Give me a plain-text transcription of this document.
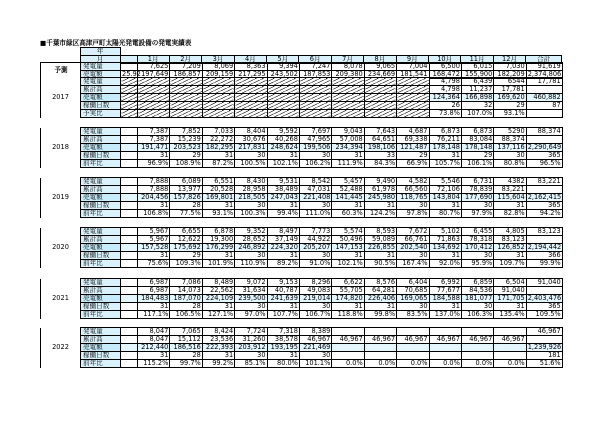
■千葉市緑区高津戸町太陽光発電設備の発電実績表
	年														
	月		1月	2月	3月	4月	5月	6月	7月	8月	9月	10月	11月	12月	合計
予測	発電量		7,625	7,209	8,069	8,363	9,394	7,247	8,078	9,065	7,004	6,500	6,015	7,030	91,619
	売電額	25.92	197,649	186,857	209,159	217,295	243,502	187,853	209,380	234,669	181,541	168,472	155,900	182,209	2,374,806
2017	発電量											4,798	6,439	6544	17,781
	累計高											4,798	11,237	17,781	
	売電額											124,364	166,898	169,620	460,882
	稼働日数											26	32	29	87
	予実比											73.8%	107.0%	93.1%	
2018	発電量		7,387	7,852	7,033	8,404	9,592	7,697	9,043	7,643	4,687	6,873	6,873	5290	88,374
	累計高		7,387	15,239	22,272	30,676	40,268	47,965	57,008	64,651	69,338	76,211	83,084	88,374	
	売電額		191,471	203,523	182,295	217,831	248,624	199,506	234,394	198,106	121,487	178,148	178,148	137,116	2,290,649
	稼働日数		31	29	31	30	31	30	31	33	29	31	29	30	365
	前年比		96.9%	108.9%	87.2%	100.5%	102.1%	106.2%	111.9%	84.3%	66.9%	105.7%	106.1%	80.8%	96.5%
2019	発電量		7,888	6,089	6,551	8,430	9,531	8,542	5,457	9,490	4,582	5,546	6,731	4382	83,221
	累計高		7,888	13,977	20,528	28,958	38,489	47,031	52,488	61,978	66,560	72,106	78,839	83,221	
	売電額		204,456	157,826	169,801	218,505	247,043	221,408	141,445	245,980	118,765	143,804	177,690	115,604	2,162,415
	稼働日数		31	28	31	30	31	30	31	31	30	31	30	31	365
	前年比		106.8%	77.5%	93.1%	100.3%	99.4%	111.0%	60.3%	124.2%	97.8%	80.7%	97.9%	82.8%	94.2%
2020	発電量		5,967	6,655	6,878	9,352	8,497	7,773	5,574	8,593	7,672	5,102	6,455	4,805	83,123
	累計高		5,967	12,622	19,300	28,652	37,149	44,922	50,496	59,089	66,761	71,863	78,318	83,123	
	売電額		157,528	175,692	176,299	246,892	224,320	205,207	147,153	226,855	202,540	134,692	170,412	126,852	2,194,442
	稼働日数		31	29	31	30	31	30	31	31	30	31	30	31	366
	前年比		75.6%	109.3%	101.9%	110.9%	89.2%	91.0%	102.1%	90.5%	167.4%	92.0%	95.9%	109.7%	99.9%
2021	発電量		6,987	7,086	8,489	9,072	9,153	8,296	6,622	8,576	6,404	6,992	6,859	6,504	91,040
	累計高		6,987	14,073	22,562	31,634	40,787	49,083	55,705	64,281	70,685	77,677	84,536	91,040	
	売電額		184,483	187,070	224,109	239,500	241,639	219,014	174,820	226,406	169,065	184,588	181,077	171,705	2,403,476
	稼働日数		31	28	31	30	31	30	31	31	30	31	30	31	365
	前年比		117.1%	106.5%	127.1%	97.0%	107.7%	106.7%	118.8%	99.8%	83.5%	137.0%	106.3%	135.4%	109.5%
2022	発電量		8,047	7,065	8,424	7,724	7,318	8,389							46,967
	累計高		8,047	15,112	23,536	31,260	38,578	46,967	46,967	46,967	46,967	46,967	46,967	46,967	
	売電額		212,440	186,516	222,393	203,912	193,195	221,469							1,239,926
	稼働日数		31	28	31	30	31	30							181
	前年比		115.2%	99.7%	99.2%	85.1%	80.0%	101.1%	0.0%	0.0%	0.0%	0.0%	0.0%	0.0%	51.6%
